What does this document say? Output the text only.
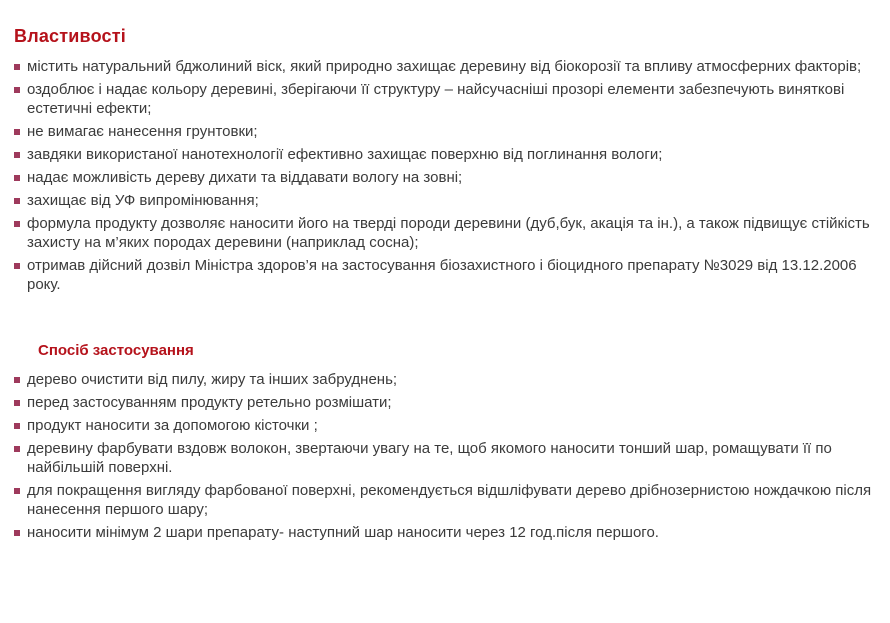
Властивості
містить натуральний бджолиний віск, який природно захищає деревину від біокорозії та впливу атмосферних факторів;
оздоблює і надає кольору деревині, зберігаючи її структуру – найсучасніші прозорі елементи забезпечують виняткові естетичні ефекти;
не вимагає нанесення грунтовки;
завдяки використаної нанотехнології ефективно захищає поверхню від поглинання вологи;
надає можливість дереву дихати та віддавати вологу на зовні;
захищає від УФ випромінювання;
формула продукту дозволяє наносити його на тверді породи деревини (дуб,бук, акація та ін.), а також підвищує стійкість захисту на м’яких породах деревини (наприклад сосна);
отримав дійсний дозвіл Міністра здоров’я на застосування біозахистного і біоцидного препарату №3029 від 13.12.2006 року.
Спосіб застосування
дерево очистити від пилу, жиру та інших забруднень;
перед застосуванням продукту ретельно розмішати;
продукт наносити за допомогою кісточки ;
деревину фарбувати вздовж волокон, звертаючи увагу на те, щоб якомого наносити тонший шар, ромащувати її по найбільшій поверхні.
для покращення вигляду фарбованої поверхні, рекомендується відшліфувати дерево дрібнозернистою нождачкою після нанесення першого шару;
наносити мінімум 2 шари препарату- наступний шар наносити через 12 год.після першого.
